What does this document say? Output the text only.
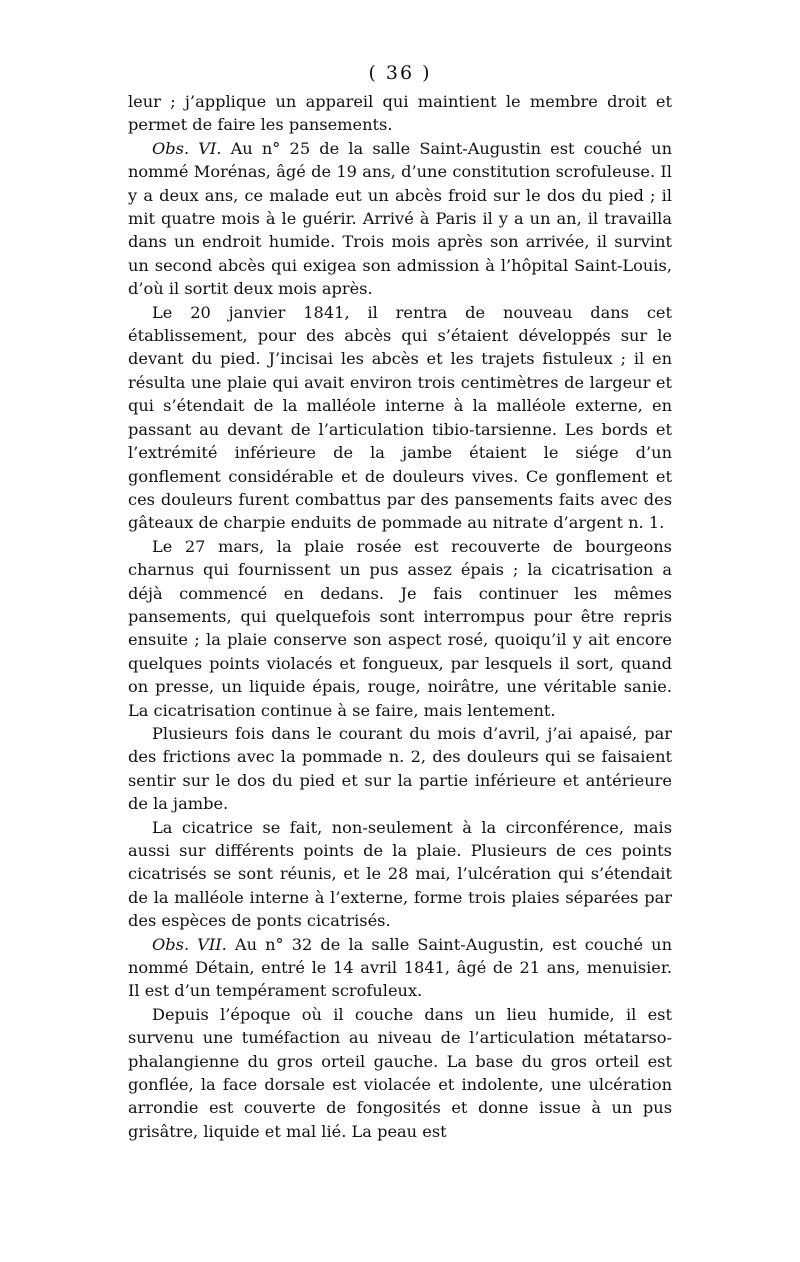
( 36 )

leur ; j’applique un appareil qui maintient le membre droit et permet de faire les pansements.

Obs. VI. Au n° 25 de la salle Saint-Augustin est couché un nommé Morénas, âgé de 19 ans, d’une constitution scrofuleuse. Il y a deux ans, ce malade eut un abcès froid sur le dos du pied ; il mit quatre mois à le guérir. Arrivé à Paris il y a un an, il travailla dans un endroit humide. Trois mois après son arrivée, il survint un second abcès qui exigea son admission à l’hôpital Saint-Louis, d’où il sortit deux mois après.

Le 20 janvier 1841, il rentra de nouveau dans cet établissement, pour des abcès qui s’étaient développés sur le devant du pied. J’incisai les abcès et les trajets fistuleux ; il en résulta une plaie qui avait environ trois centimètres de largeur et qui s’étendait de la malléole interne à la malléole externe, en passant au devant de l’articulation tibio-tarsienne. Les bords et l’extrémité inférieure de la jambe étaient le siége d’un gonflement considérable et de douleurs vives. Ce gonflement et ces douleurs furent combattus par des pansements faits avec des gâteaux de charpie enduits de pommade au nitrate d’argent n. 1.

Le 27 mars, la plaie rosée est recouverte de bourgeons charnus qui fournissent un pus assez épais ; la cicatrisation a déjà commencé en dedans. Je fais continuer les mêmes pansements, qui quelquefois sont interrompus pour être repris ensuite ; la plaie conserve son aspect rosé, quoiqu’il y ait encore quelques points violacés et fongueux, par lesquels il sort, quand on presse, un liquide épais, rouge, noirâtre, une véritable sanie. La cicatrisation continue à se faire, mais lentement.

Plusieurs fois dans le courant du mois d’avril, j’ai apaisé, par des frictions avec la pommade n. 2, des douleurs qui se faisaient sentir sur le dos du pied et sur la partie inférieure et antérieure de la jambe.

La cicatrice se fait, non-seulement à la circonférence, mais aussi sur différents points de la plaie. Plusieurs de ces points cicatrisés se sont réunis, et le 28 mai, l’ulcération qui s’étendait de la malléole interne à l’externe, forme trois plaies séparées par des espèces de ponts cicatrisés.

Obs. VII. Au n° 32 de la salle Saint-Augustin, est couché un nommé Détain, entré le 14 avril 1841, âgé de 21 ans, menuisier. Il est d’un tempérament scrofuleux.

Depuis l’époque où il couche dans un lieu humide, il est survenu une tuméfaction au niveau de l’articulation métatarso-phalangienne du gros orteil gauche. La base du gros orteil est gonflée, la face dorsale est violacée et indolente, une ulcération arrondie est couverte de fongosités et donne issue à un pus grisâtre, liquide et mal lié. La peau est
